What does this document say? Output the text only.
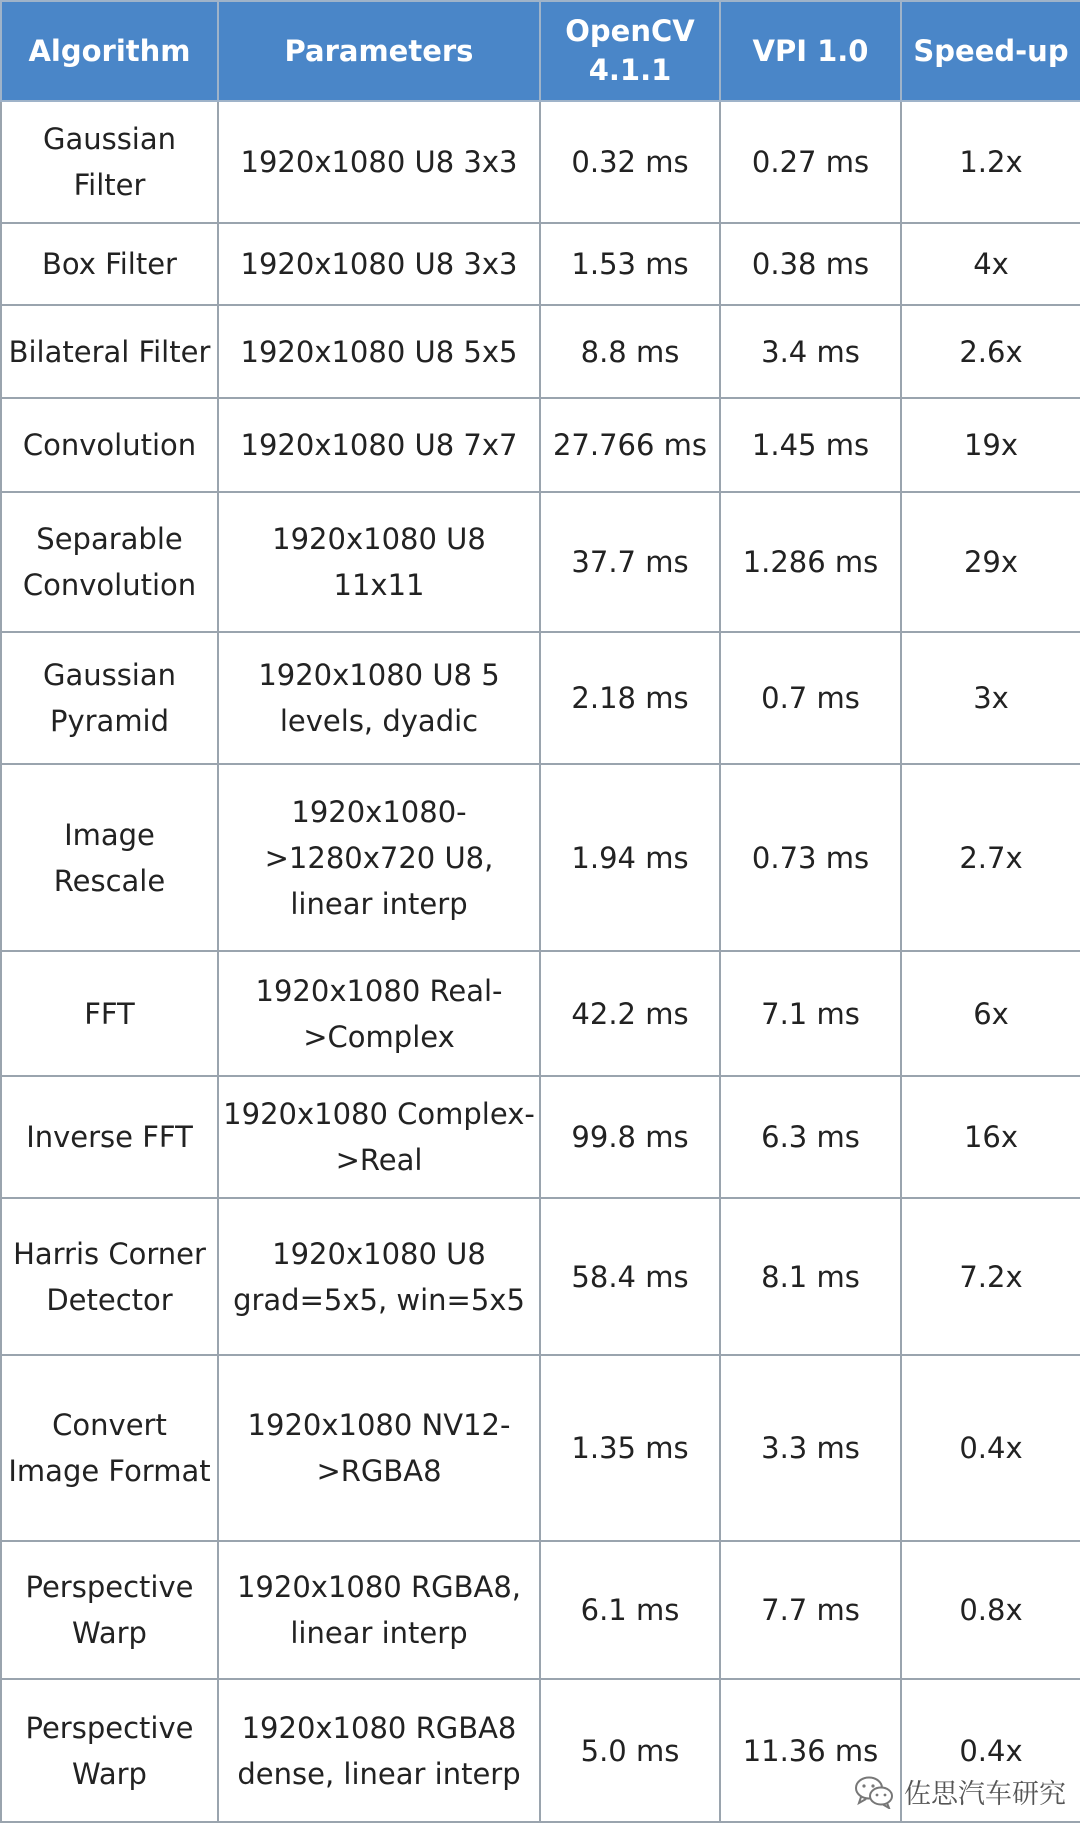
Algorithm	Parameters	OpenCV 4.1.1	VPI 1.0	Speed-up
Gaussian Filter	1920x1080 U8 3x3	0.32 ms	0.27 ms	1.2x
Box Filter	1920x1080 U8 3x3	1.53 ms	0.38 ms	4x
Bilateral Filter	1920x1080 U8 5x5	8.8 ms	3.4 ms	2.6x
Convolution	1920x1080 U8 7x7	27.766 ms	1.45 ms	19x
Separable Convolution	1920x1080 U8 11x11	37.7 ms	1.286 ms	29x
Gaussian Pyramid	1920x1080 U8 5 levels, dyadic	2.18 ms	0.7 ms	3x
Image Rescale	1920x1080->1280x720 U8, linear interp	1.94 ms	0.73 ms	2.7x
FFT	1920x1080 Real->Complex	42.2 ms	7.1 ms	6x
Inverse FFT	1920x1080 Complex->Real	99.8 ms	6.3 ms	16x
Harris Corner Detector	1920x1080 U8 grad=5x5, win=5x5	58.4 ms	8.1 ms	7.2x
Convert Image Format	1920x1080 NV12->RGBA8	1.35 ms	3.3 ms	0.4x
Perspective Warp	1920x1080 RGBA8, linear interp	6.1 ms	7.7 ms	0.8x
Perspective Warp	1920x1080 RGBA8 dense, linear interp	5.0 ms	11.36 ms	0.4x
佐思汽车研究
